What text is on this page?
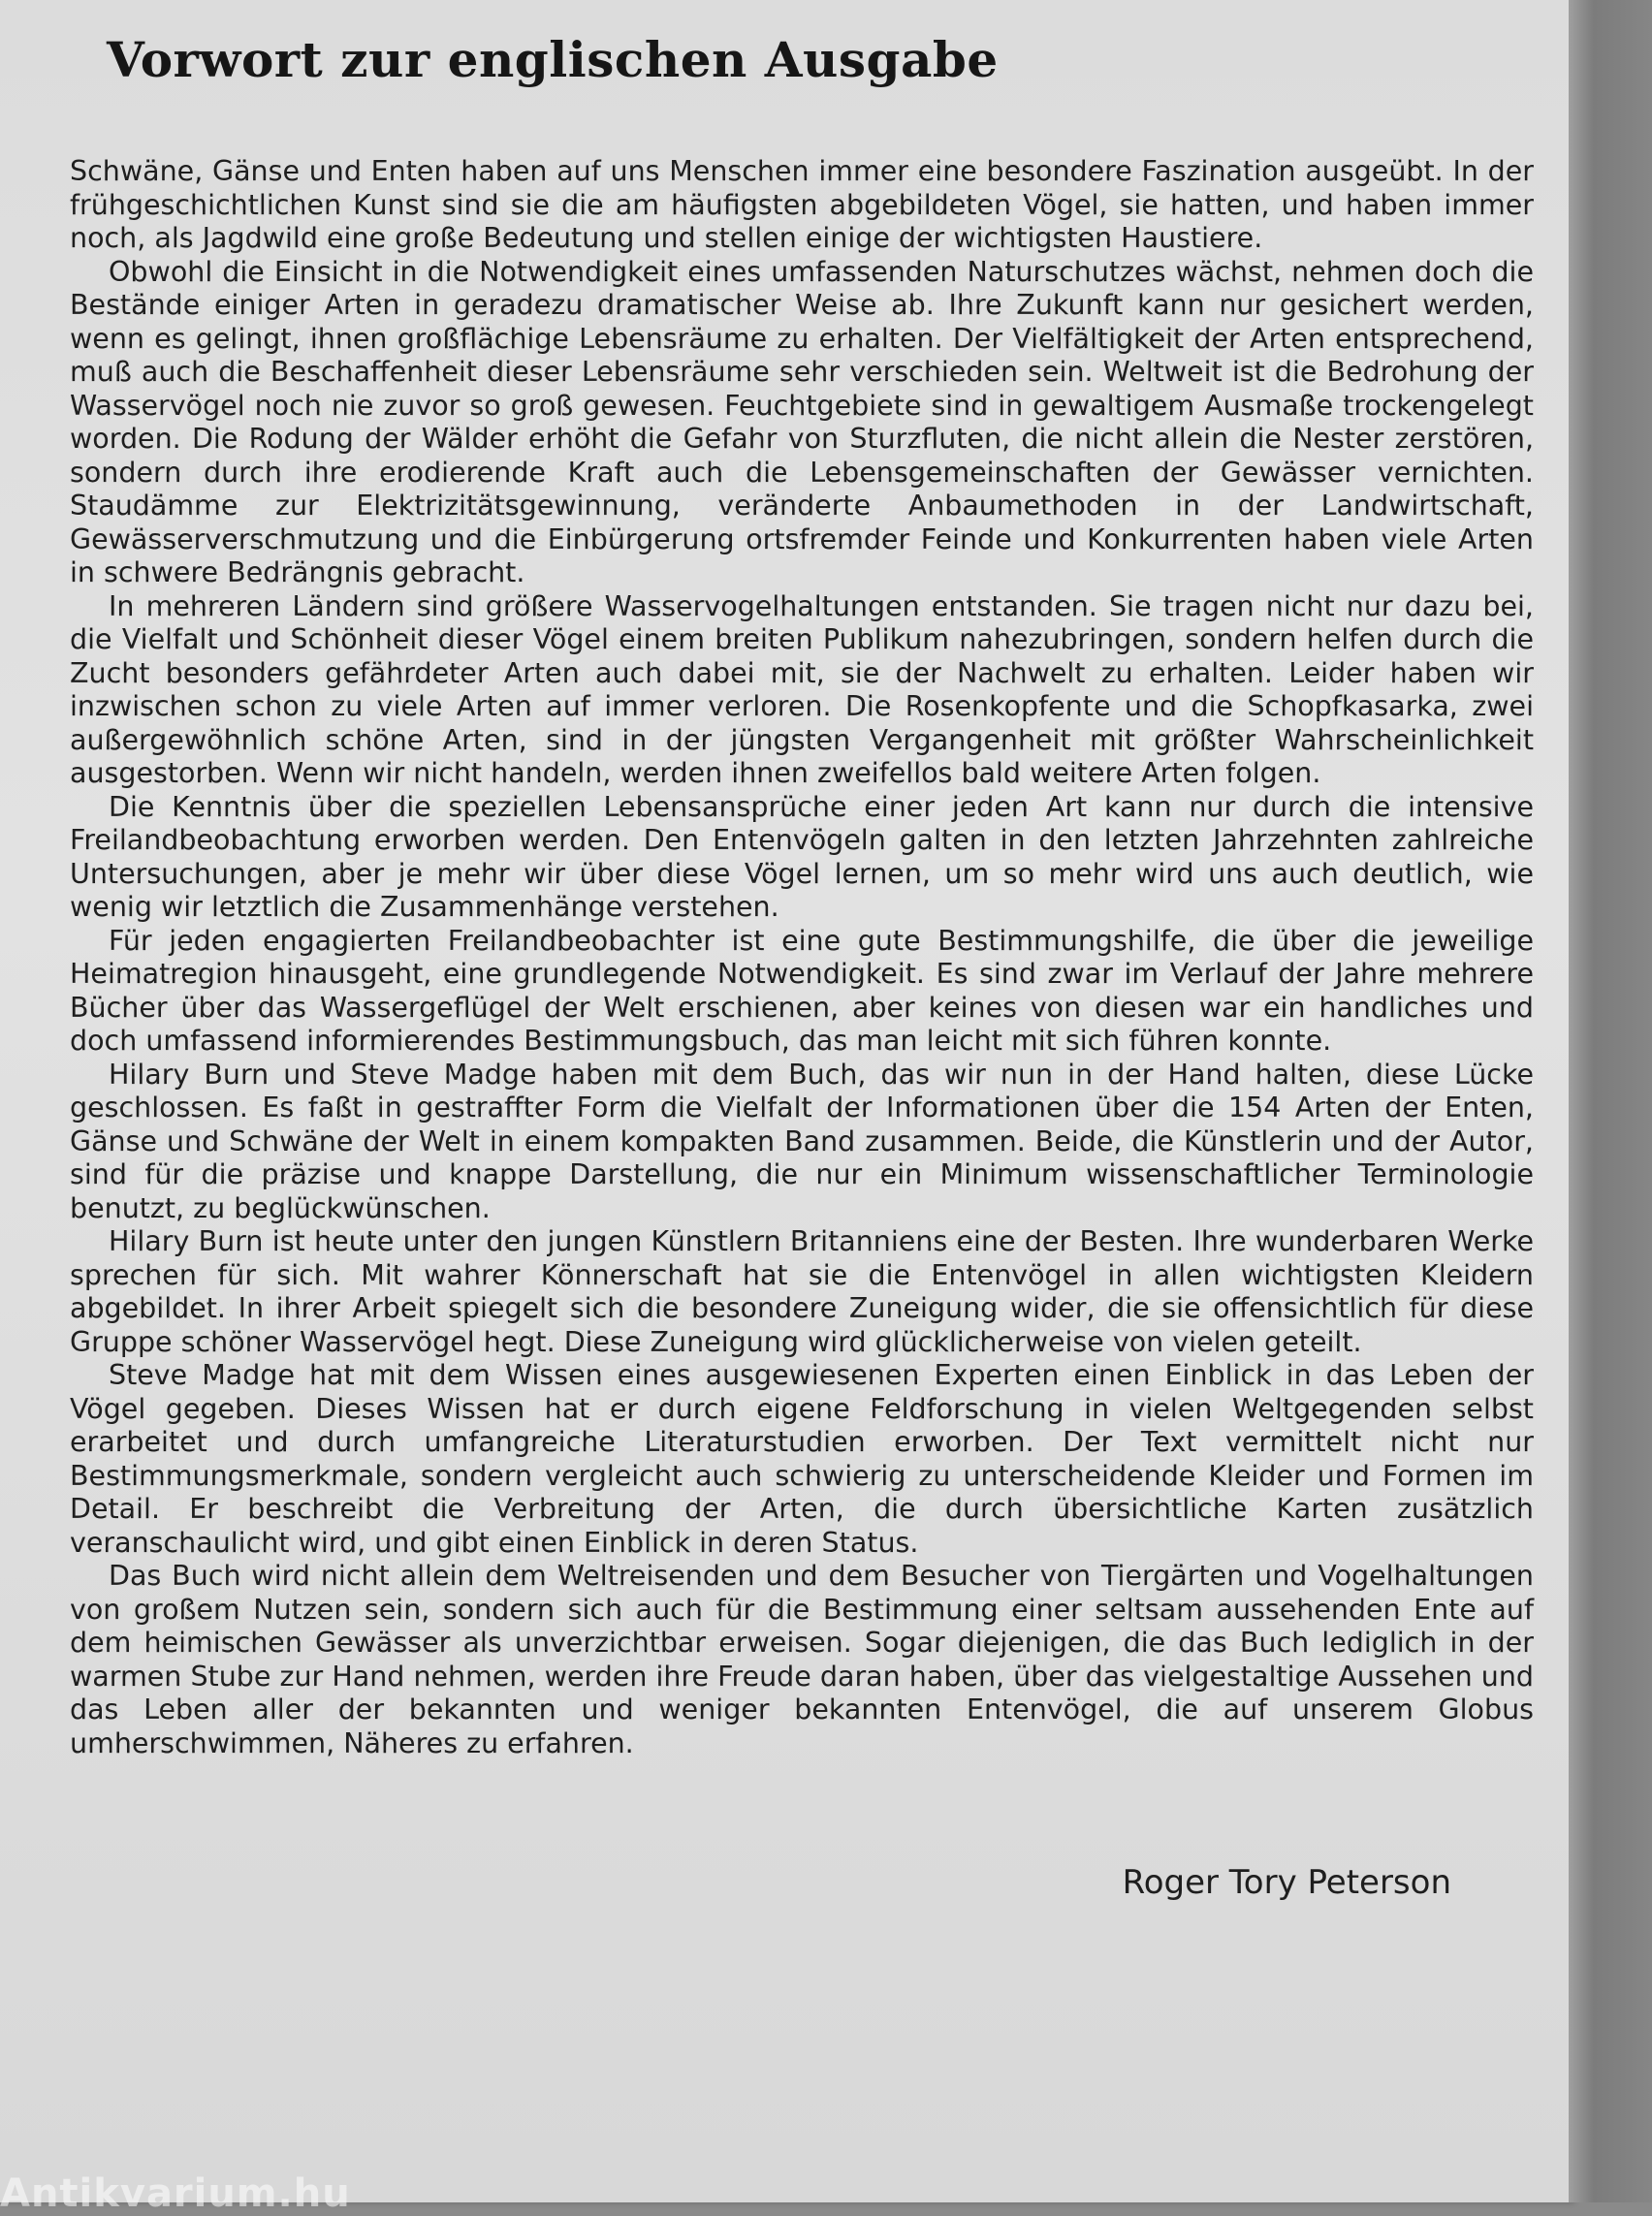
Vorwort zur englischen Ausgabe

Schwäne, Gänse und Enten haben auf uns Menschen immer eine besondere Faszination ausgeübt. In der frühgeschichtlichen Kunst sind sie die am häufigsten abgebildeten Vögel, sie hatten, und haben immer noch, als Jagdwild eine große Bedeutung und stellen einige der wichtigsten Haustiere.

Obwohl die Einsicht in die Notwendigkeit eines umfassenden Naturschutzes wächst, nehmen doch die Bestände einiger Arten in geradezu dramatischer Weise ab. Ihre Zukunft kann nur gesichert werden, wenn es gelingt, ihnen großflächige Lebensräume zu erhalten. Der Vielfältigkeit der Arten entsprechend, muß auch die Beschaffenheit dieser Lebensräume sehr verschieden sein. Weltweit ist die Bedrohung der Wasservögel noch nie zuvor so groß gewesen. Feuchtgebiete sind in gewaltigem Ausmaße trockengelegt worden. Die Rodung der Wälder erhöht die Gefahr von Sturzfluten, die nicht allein die Nester zerstören, sondern durch ihre erodierende Kraft auch die Lebensgemeinschaften der Gewässer vernichten. Staudämme zur Elektrizitätsgewinnung, veränderte Anbaumethoden in der Landwirtschaft, Gewässerverschmutzung und die Einbürgerung ortsfremder Feinde und Konkurrenten haben viele Arten in schwere Bedrängnis gebracht.

In mehreren Ländern sind größere Wasservogelhaltungen entstanden. Sie tragen nicht nur dazu bei, die Vielfalt und Schönheit dieser Vögel einem breiten Publikum nahezubringen, sondern helfen durch die Zucht besonders gefährdeter Arten auch dabei mit, sie der Nachwelt zu erhalten. Leider haben wir inzwischen schon zu viele Arten auf immer verloren. Die Rosenkopfente und die Schopfkasarka, zwei außergewöhnlich schöne Arten, sind in der jüngsten Vergangenheit mit größter Wahrscheinlichkeit ausgestorben. Wenn wir nicht handeln, werden ihnen zweifellos bald weitere Arten folgen.

Die Kenntnis über die speziellen Lebensansprüche einer jeden Art kann nur durch die intensive Freilandbeobachtung erworben werden. Den Entenvögeln galten in den letzten Jahrzehnten zahlreiche Untersuchungen, aber je mehr wir über diese Vögel lernen, um so mehr wird uns auch deutlich, wie wenig wir letztlich die Zusammenhänge verstehen.

Für jeden engagierten Freilandbeobachter ist eine gute Bestimmungshilfe, die über die jeweilige Heimatregion hinausgeht, eine grundlegende Notwendigkeit. Es sind zwar im Verlauf der Jahre mehrere Bücher über das Wassergeflügel der Welt erschienen, aber keines von diesen war ein handliches und doch umfassend informierendes Bestimmungsbuch, das man leicht mit sich führen konnte.

Hilary Burn und Steve Madge haben mit dem Buch, das wir nun in der Hand halten, diese Lücke geschlossen. Es faßt in gestraffter Form die Vielfalt der Informationen über die 154 Arten der Enten, Gänse und Schwäne der Welt in einem kompakten Band zusammen. Beide, die Künstlerin und der Autor, sind für die präzise und knappe Darstellung, die nur ein Minimum wissenschaftlicher Terminologie benutzt, zu beglückwünschen.

Hilary Burn ist heute unter den jungen Künstlern Britanniens eine der Besten. Ihre wunderbaren Werke sprechen für sich. Mit wahrer Könnerschaft hat sie die Entenvögel in allen wichtigsten Kleidern abgebildet. In ihrer Arbeit spiegelt sich die besondere Zuneigung wider, die sie offensichtlich für diese Gruppe schöner Wasservögel hegt. Diese Zuneigung wird glücklicherweise von vielen geteilt.

Steve Madge hat mit dem Wissen eines ausgewiesenen Experten einen Einblick in das Leben der Vögel gegeben. Dieses Wissen hat er durch eigene Feldforschung in vielen Weltgegenden selbst erarbeitet und durch umfangreiche Literaturstudien erworben. Der Text vermittelt nicht nur Bestimmungsmerkmale, sondern vergleicht auch schwierig zu unterscheidende Kleider und Formen im Detail. Er beschreibt die Verbreitung der Arten, die durch übersichtliche Karten zusätzlich veranschaulicht wird, und gibt einen Einblick in deren Status.

Das Buch wird nicht allein dem Weltreisenden und dem Besucher von Tiergärten und Vogelhaltungen von großem Nutzen sein, sondern sich auch für die Bestimmung einer seltsam aussehenden Ente auf dem heimischen Gewässer als unverzichtbar erweisen. Sogar diejenigen, die das Buch lediglich in der warmen Stube zur Hand nehmen, werden ihre Freude daran haben, über das vielgestaltige Aussehen und das Leben aller der bekannten und weniger bekannten Entenvögel, die auf unserem Globus umherschwimmen, Näheres zu erfahren.

Roger Tory Peterson

Antikvarium.hu
